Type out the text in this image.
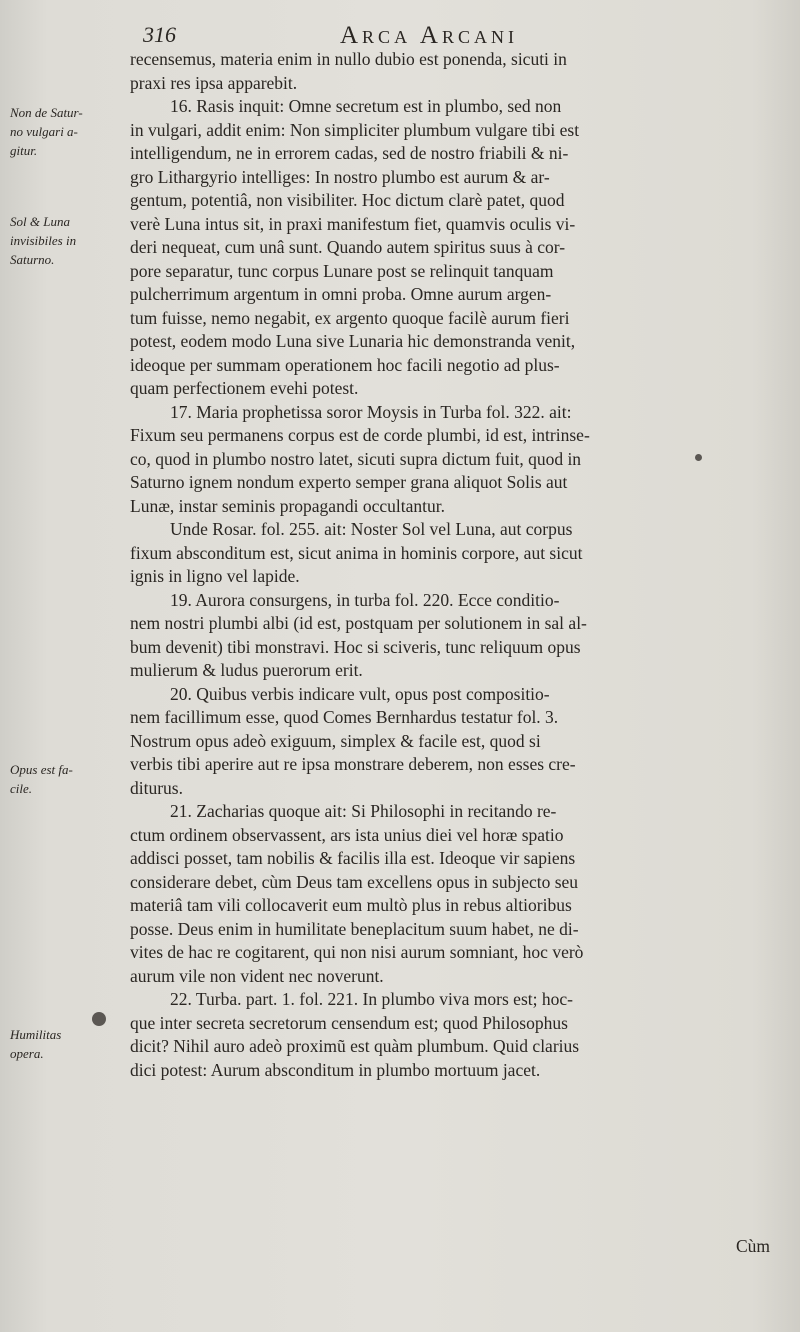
316	Arca Arcani
Non de Satur-
no vulgari a-
gitur.
Sol & Luna
invisibiles in
Saturno.
Opus est fa-
cile.
Humilitas
opera.
recensemus, materia enim in nullo dubio est ponenda, sicuti in
praxi res ipsa apparebit.
16. Rasis inquit: Omne secretum est in plumbo, sed non
in vulgari, addit enim: Non simpliciter plumbum vulgare tibi est
intelligendum, ne in errorem cadas, sed de nostro friabili & ni-
gro Lithargyrio intelliges: In nostro plumbo est aurum & ar-
gentum, potentiâ, non visibiliter. Hoc dictum clarè patet, quod
verè Luna intus sit, in praxi manifestum fiet, quamvis oculis vi-
deri nequeat, cum unâ sunt. Quando autem spiritus suus à cor-
pore separatur, tunc corpus Lunare post se relinquit tanquam
pulcherrimum argentum in omni proba. Omne aurum argen-
tum fuisse, nemo negabit, ex argento quoque facilè aurum fieri
potest, eodem modo Luna sive Lunaria hic demonstranda venit,
ideoque per summam operationem hoc facili negotio ad plus-
quam perfectionem evehi potest.
17. Maria prophetissa soror Moysis in Turba fol. 322. ait:
Fixum seu permanens corpus est de corde plumbi, id est, intrinse-
co, quod in plumbo nostro latet, sicuti supra dictum fuit, quod in
Saturno ignem nondum experto semper grana aliquot Solis aut
Lunæ, instar seminis propagandi occultantur.
Unde Rosar. fol. 255. ait: Noster Sol vel Luna, aut corpus
fixum absconditum est, sicut anima in hominis corpore, aut sicut
ignis in ligno vel lapide.
19. Aurora consurgens, in turba fol. 220. Ecce conditio-
nem nostri plumbi albi (id est, postquam per solutionem in sal al-
bum devenit) tibi monstravi. Hoc si sciveris, tunc reliquum opus
mulierum & ludus puerorum erit.
20. Quibus verbis indicare vult, opus post compositio-
nem facillimum esse, quod Comes Bernhardus testatur fol. 3.
Nostrum opus adeò exiguum, simplex & facile est, quod si
verbis tibi aperire aut re ipsa monstrare deberem, non esses cre-
diturus.
21. Zacharias quoque ait: Si Philosophi in recitando re-
ctum ordinem observassent, ars ista unius diei vel horæ spatio
addisci posset, tam nobilis & facilis illa est. Ideoque vir sapiens
considerare debet, cùm Deus tam excellens opus in subjecto seu
materiâ tam vili collocaverit eum multò plus in rebus altioribus
posse. Deus enim in humilitate beneplacitum suum habet, ne di-
vites de hac re cogitarent, qui non nisi aurum somniant, hoc verò
aurum vile non vident nec noverunt.
22. Turba. part. 1. fol. 221. In plumbo viva mors est; hoc-
que inter secreta secretorum censendum est; quod Philosophus
dicit? Nihil auro adeò proximũ est quàm plumbum. Quid clarius
dici potest: Aurum absconditum in plumbo mortuum jacet.
Cùm
